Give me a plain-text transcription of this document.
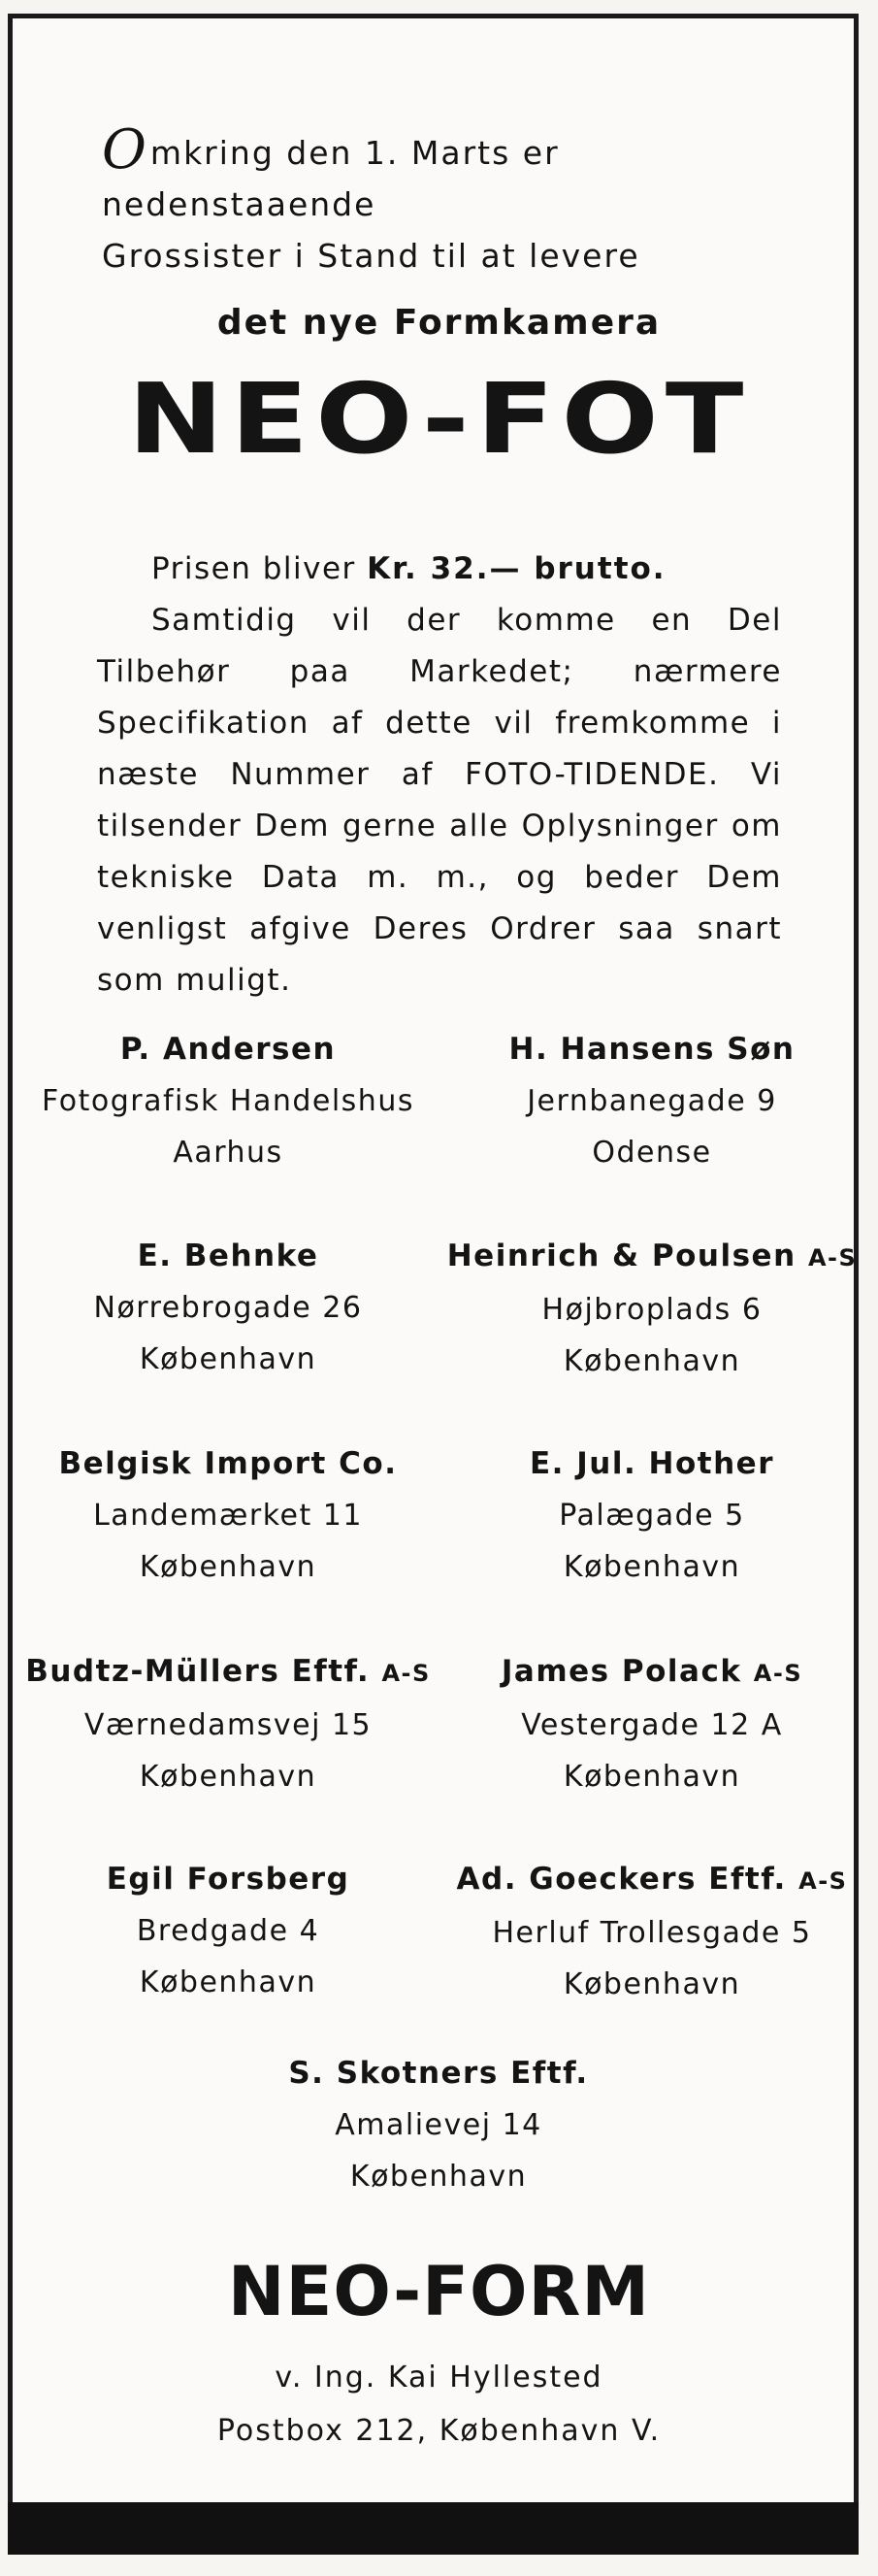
Omkring den 1. Marts er nedenstaaende
Grossister i Stand til at levere
det nye Formkamera
NEO-FOT

Prisen bliver Kr. 32.— brutto.

Samtidig vil der komme en Del Tilbehør paa Markedet; nærmere Specifikation af dette vil fremkomme i næste Nummer af FOTO-TIDENDE. Vi tilsender Dem gerne alle Oplysninger om tekniske Data m. m., og beder Dem venligst afgive Deres Ordrer saa snart som muligt.

P. Andersen
Fotografisk Handelshus
Aarhus
H. Hansens Søn
Jernbanegade 9
Odense
E. Behnke
Nørrebrogade 26
København
Heinrich & Poulsen A-S
Højbroplads 6
København
Belgisk Import Co.
Landemærket 11
København
E. Jul. Hother
Palægade 5
København
Budtz-Müllers Eftf. A-S
Værnedamsvej 15
København
James Polack A-S
Vestergade 12 A
København
Egil Forsberg
Bredgade 4
København
Ad. Goeckers Eftf. A-S
Herluf Trollesgade 5
København
S. Skotners Eftf.
Amalievej 14
København
NEO-FORM
v. Ing. Kai Hyllested
Postbox 212, København V.
